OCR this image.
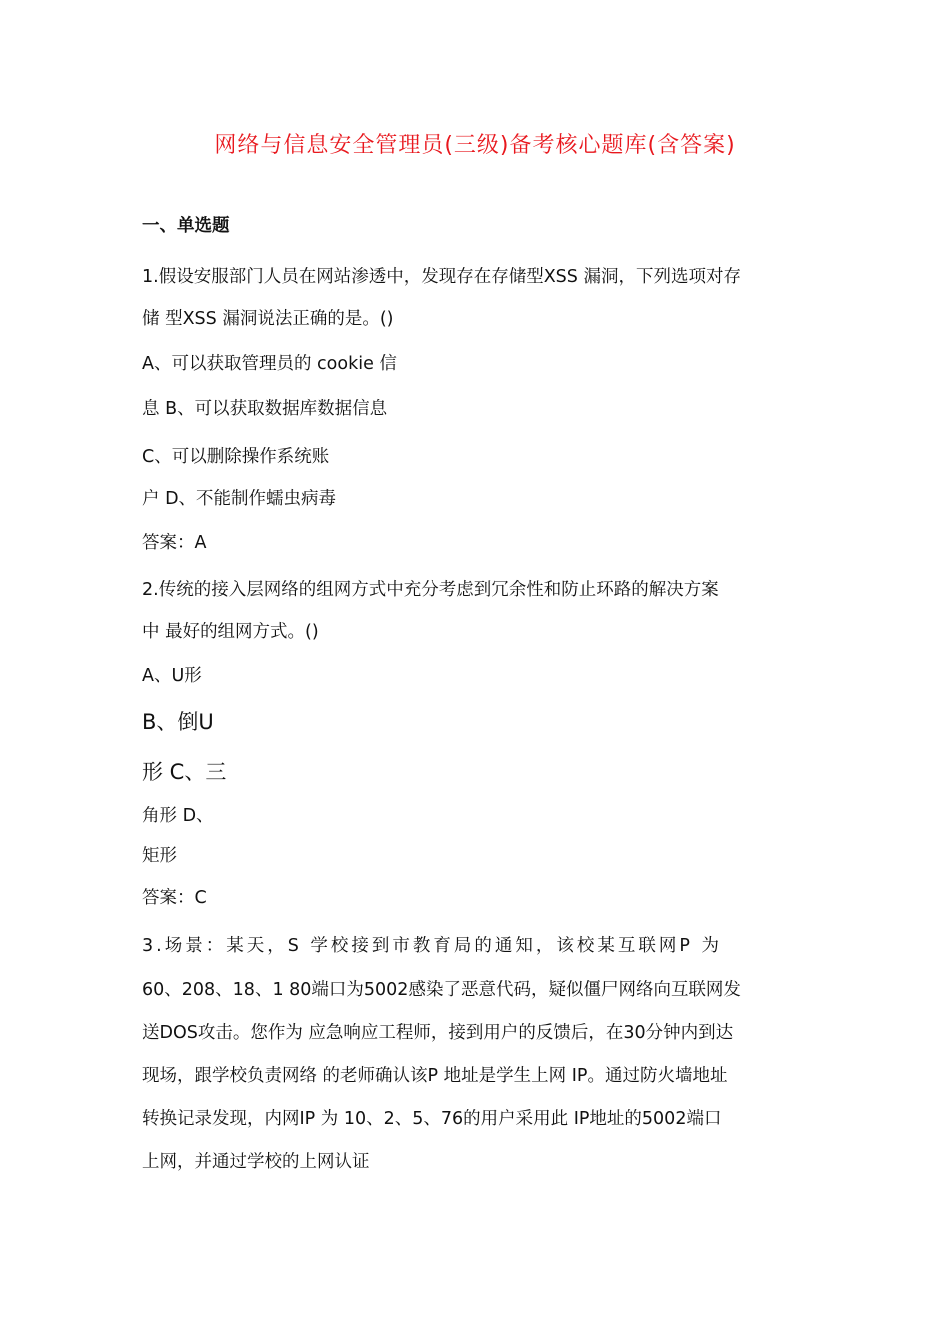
网络与信息安全管理员(三级)备考核心题库(含答案)
一、单选题
1.假设安服部门人员在网站渗透中，发现存在存储型XSS 漏洞，下列选项对存
储 型XSS 漏洞说法正确的是。()
A、可以获取管理员的 cookie 信
息 B、可以获取数据库数据信息
C、可以删除操作系统账
户 D、不能制作蠕虫病毒
答案：A
2.传统的接入层网络的组网方式中充分考虑到冗余性和防止环路的解决方案
中 最好的组网方式。()
A、U形
B、倒U
形 C、三
角形 D、
矩形
答案：C
3.场景：某天，S 学校接到市教育局的通知，该校某互联网P 为
60、208、18、1 80端口为5002感染了恶意代码，疑似僵尸网络向互联网发
送DOS攻击。您作为 应急响应工程师，接到用户的反馈后，在30分钟内到达
现场，跟学校负责网络 的老师确认该P 地址是学生上网 IP。通过防火墙地址
转换记录发现，内网IP 为 10、2、5、76的用户采用此 IP地址的5002端口
上网，并通过学校的上网认证
